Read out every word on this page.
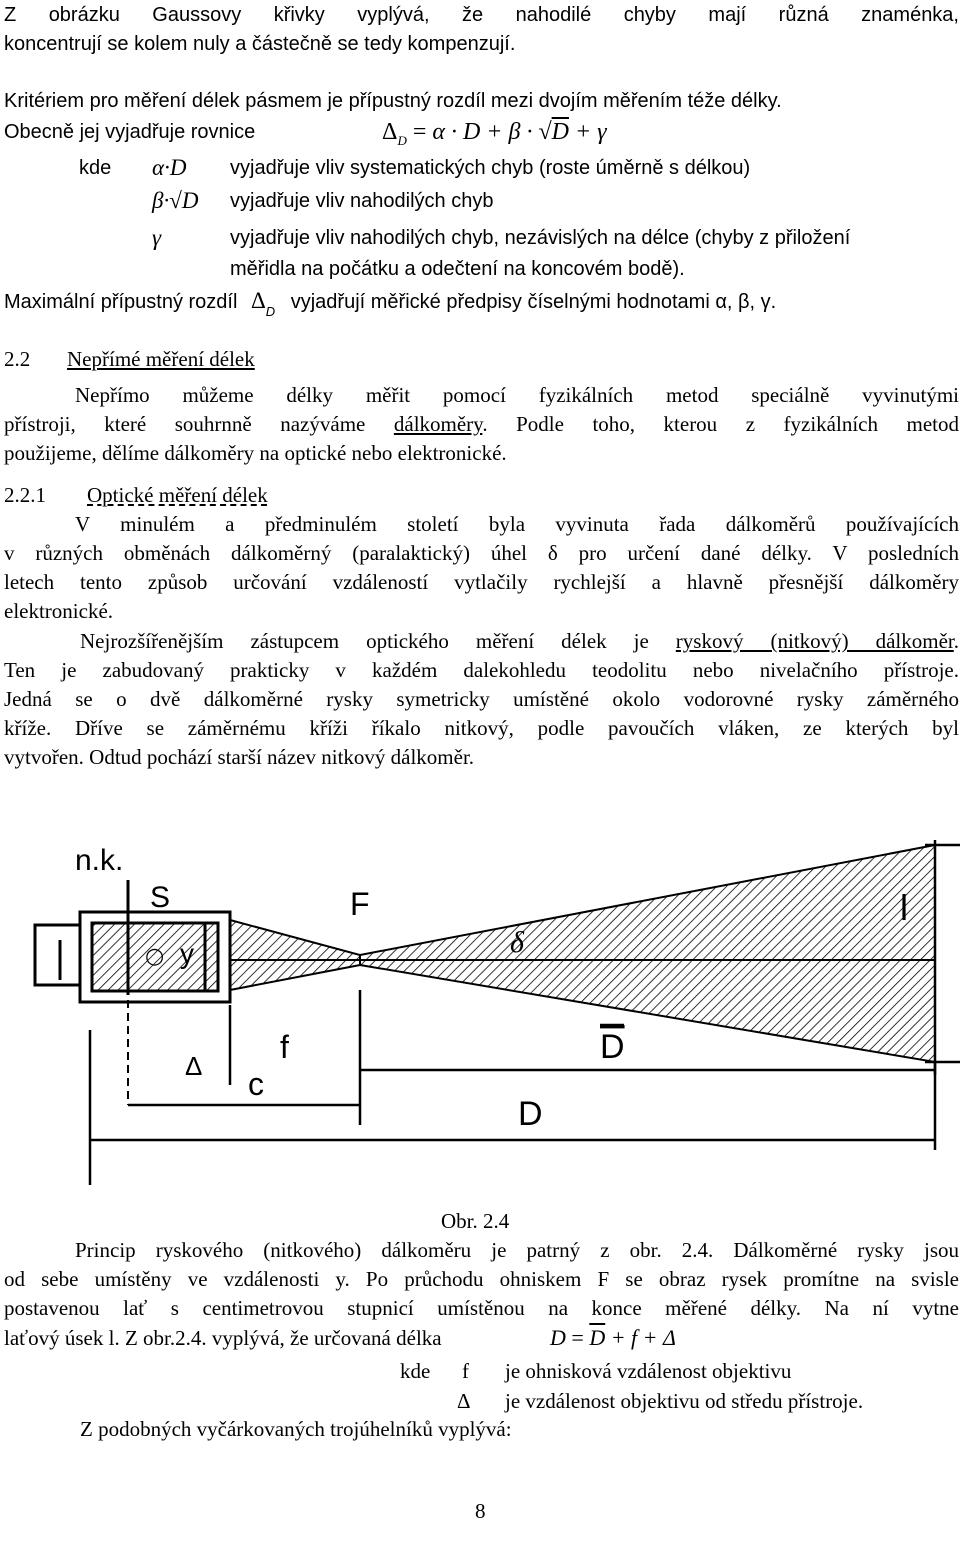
Z obrázku Gaussovy křivky vyplývá, že nahodilé chyby mají různá znaménka,
koncentrují se kolem nuly a částečně se tedy kompenzují.
Kritériem pro měření délek pásmem je přípustný rozdíl mezi dvojím měřením téže délky.
Obecně jej vyjadřuje rovnice	$\Delta_D = \alpha \cdot D + \beta \cdot √D + \gamma$
kde α·D vyjadřuje vliv systematických chyb (roste úměrně s délkou)
β·√D vyjadřuje vliv nahodilých chyb
γ	vyjadřuje vliv nahodilých chyb, nezávislých na délce (chyby z přiložení
měřidla na počátku a odečtení na koncovém bodě).
Maximální přípustný rozdíl $\Delta_D$ vyjadřují měřické předpisy číselnými hodnotami α, β, γ.
2.2 Nepřímé měření délek
Nepřímo můžeme délky měřit pomocí fyzikálních metod speciálně vyvinutými
přístroji, které souhrnně nazýváme dálkoměry. Podle toho, kterou z fyzikálních metod
použijeme, dělíme dálkoměry na optické nebo elektronické.
2.2.1 Optické měření délek
V minulém a předminulém století byla vyvinuta řada dálkoměrů používajících
v různých obměnách dálkoměrný (paralaktický) úhel δ pro určení dané délky. V posledních
letech tento způsob určování vzdáleností vytlačily rychlejší a hlavně přesnější dálkoměry
elektronické.
Nejrozšířenějším zástupcem optického měření délek je ryskový (nitkový) dálkoměr.
Ten je zabudovaný prakticky v každém dalekohledu teodolitu nebo nivelačního přístroje.
Jedná se o dvě dálkoměrné rysky symetricky umístěné okolo vodorovné rysky záměrného
kříže. Dříve se záměrnému kříži říkalo nitkový, podle pavoučích vláken, ze kterých byl
vytvořen. Odtud pochází starší název nitkový dálkoměr.
○
n.k.
S
y
F
δ
l
Δ
f
c
D
D
Obr. 2.4
Princip ryskového (nitkového) dálkoměru je patrný z obr. 2.4. Dálkoměrné rysky jsou
od sebe umístěny ve vzdálenosti y. Po průchodu ohniskem F se obraz rysek promítne na svisle
postavenou lať s centimetrovou stupnicí umístěnou na konce měřené délky. Na ní vytne
laťový úsek l. Z obr.2.4. vyplývá, že určovaná délka	$D = \overline{D} + f + \Delta$
kde f je ohnisková vzdálenost objektivu
Δ je vzdálenost objektivu od středu přístroje.
Z podobných vyčárkovaných trojúhelníků vyplývá:
8
